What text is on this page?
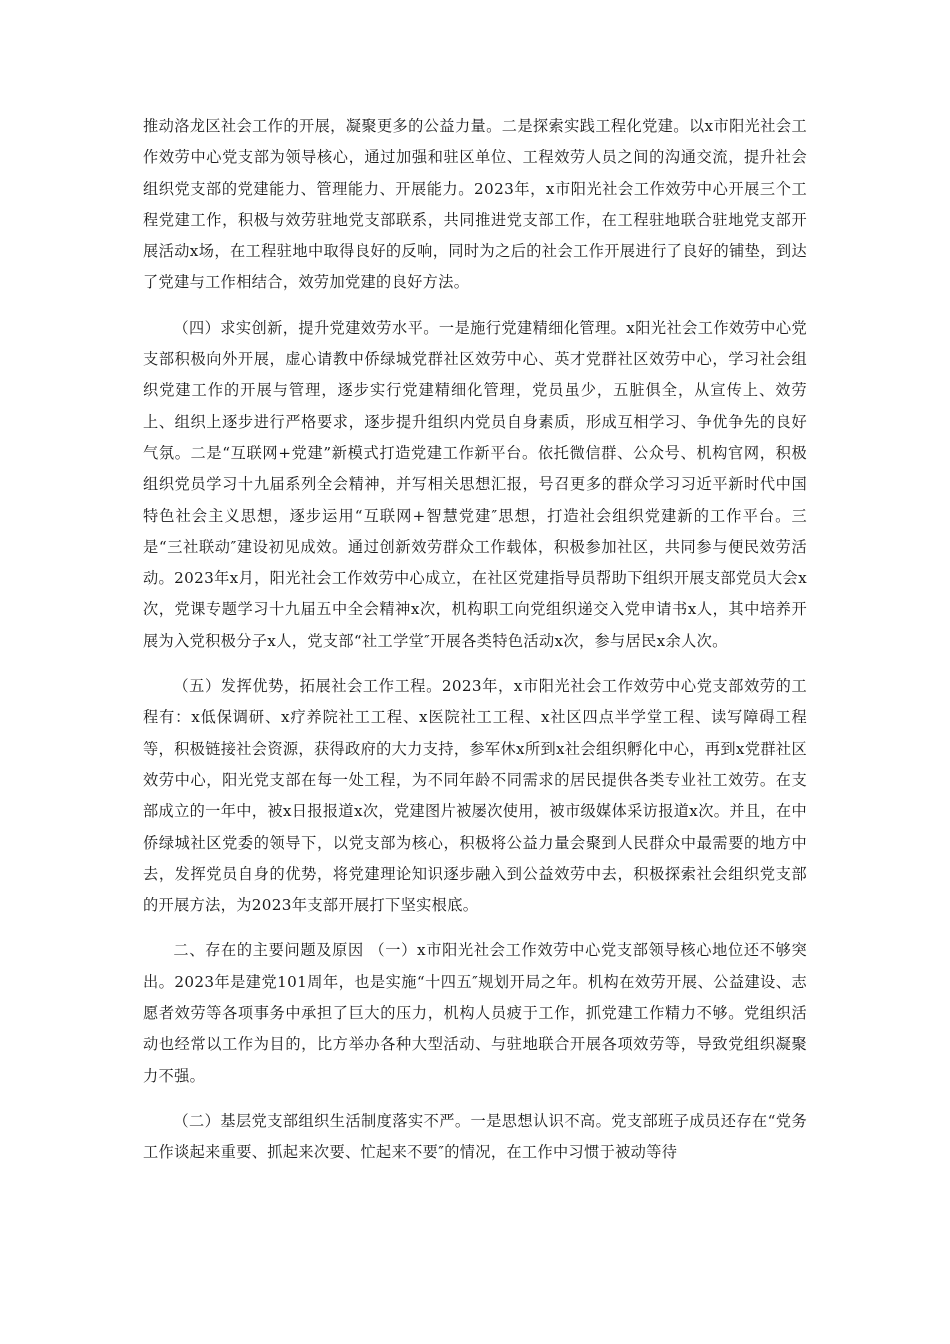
推动洛龙区社会工作的开展，凝聚更多的公益力量。二是探索实践工程化党建。以x市阳光社会工作效劳中心党支部为领导核心，通过加强和驻区单位、工程效劳人员之间的沟通交流，提升社会组织党支部的党建能力、管理能力、开展能力。2023年，x市阳光社会工作效劳中心开展三个工程党建工作，积极与效劳驻地党支部联系，共同推进党支部工作，在工程驻地联合驻地党支部开展活动x场，在工程驻地中取得良好的反响，同时为之后的社会工作开展进行了良好的铺垫，到达了党建与工作相结合，效劳加党建的良好方法。

（四）求实创新，提升党建效劳水平。一是施行党建精细化管理。x阳光社会工作效劳中心党支部积极向外开展，虚心请教中侨绿城党群社区效劳中心、英才党群社区效劳中心，学习社会组织党建工作的开展与管理，逐步实行党建精细化管理，党员虽少，五脏俱全，从宣传上、效劳上、组织上逐步进行严格要求，逐步提升组织内党员自身素质，形成互相学习、争优争先的良好气氛。二是“互联网+党建”新模式打造党建工作新平台。依托微信群、公众号、机构官网，积极组织党员学习十九届系列全会精神，并写相关思想汇报，号召更多的群众学习习近平新时代中国特色社会主义思想，逐步运用“互联网+智慧党建″思想，打造社会组织党建新的工作平台。三是“三社联动″建设初见成效。通过创新效劳群众工作载体，积极参加社区，共同参与便民效劳活动。2023年x月，阳光社会工作效劳中心成立，在社区党建指导员帮助下组织开展支部党员大会x次，党课专题学习十九届五中全会精神x次，机构职工向党组织递交入党申请书x人，其中培养开展为入党积极分子x人，党支部“社工学堂″开展各类特色活动x次，参与居民x余人次。

（五）发挥优势，拓展社会工作工程。2023年，x市阳光社会工作效劳中心党支部效劳的工程有：x低保调研、x疗养院社工工程、x医院社工工程、x社区四点半学堂工程、读写障碍工程等，积极链接社会资源，获得政府的大力支持，参军休x所到x社会组织孵化中心，再到x党群社区效劳中心，阳光党支部在每一处工程，为不同年龄不同需求的居民提供各类专业社工效劳。在支部成立的一年中，被x日报报道x次，党建图片被屡次使用，被市级媒体采访报道x次。并且，在中侨绿城社区党委的领导下，以党支部为核心，积极将公益力量会聚到人民群众中最需要的地方中去，发挥党员自身的优势，将党建理论知识逐步融入到公益效劳中去，积极探索社会组织党支部的开展方法，为2023年支部开展打下坚实根底。

二、存在的主要问题及原因 （一）x市阳光社会工作效劳中心党支部领导核心地位还不够突出。2023年是建党101周年，也是实施“十四五″规划开局之年。机构在效劳开展、公益建设、志愿者效劳等各项事务中承担了巨大的压力，机构人员疲于工作，抓党建工作精力不够。党组织活动也经常以工作为目的，比方举办各种大型活动、与驻地联合开展各项效劳等，导致党组织凝聚力不强。

（二）基层党支部组织生活制度落实不严。一是思想认识不高。党支部班子成员还存在“党务工作谈起来重要、抓起来次要、忙起来不要″的情况，在工作中习惯于被动等待
